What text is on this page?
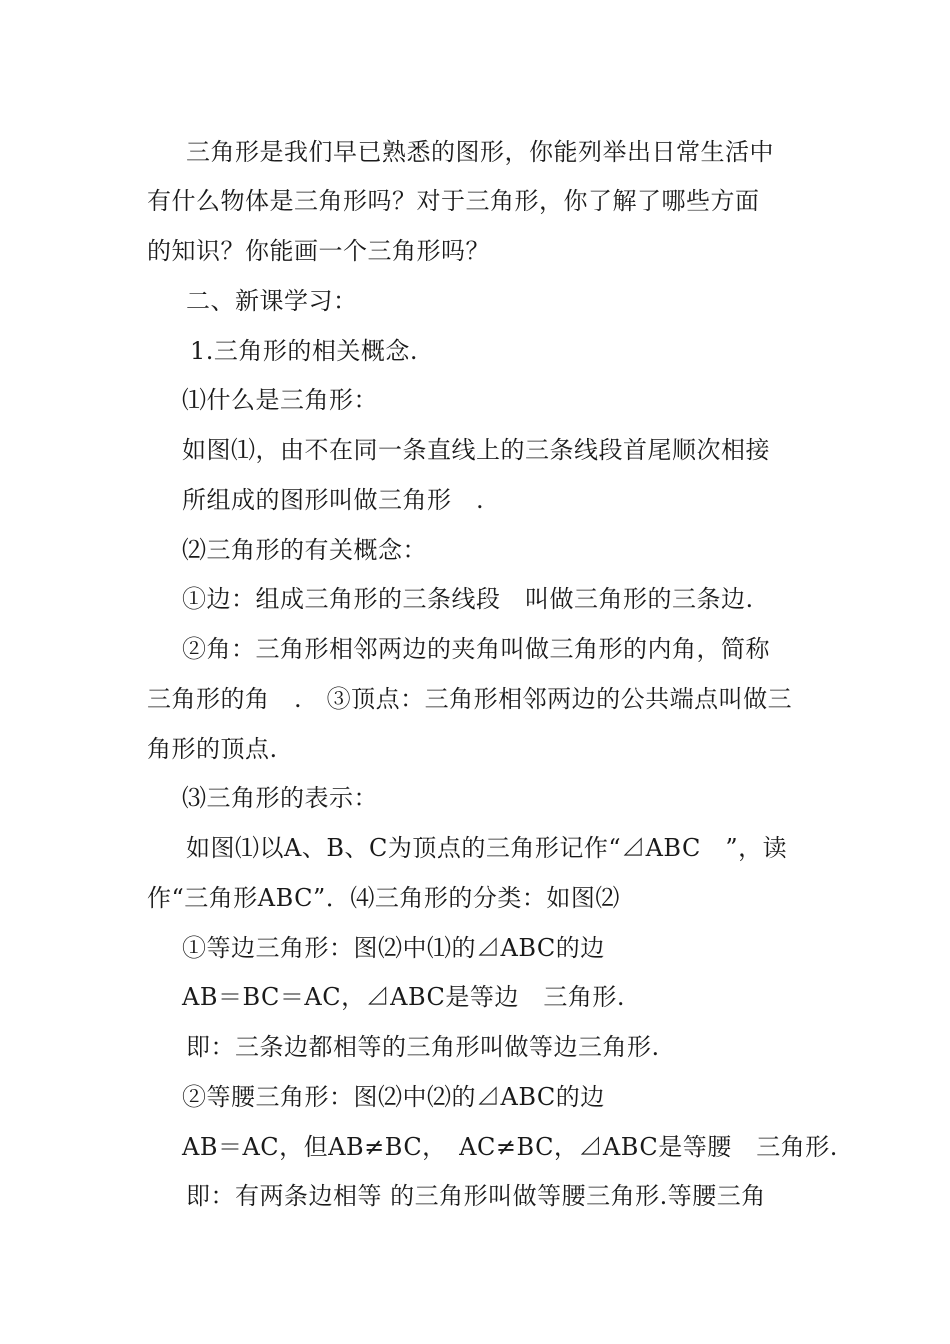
三角形是我们早已熟悉的图形，你能列举出日常生活中
有什么物体是三角形吗？对于三角形，你了解了哪些方面
的知识？你能画一个三角形吗？
二、新课学习：
1.三角形的相关概念.
⑴什么是三角形：
如图⑴，由不在同一条直线上的三条线段首尾顺次相接
所组成的图形叫做三角形　.
⑵三角形的有关概念：
①边：组成三角形的三条线段　叫做三角形的三条边.
②角：三角形相邻两边的夹角叫做三角形的内角，简称
三角形的角　.　③顶点：三角形相邻两边的公共端点叫做三
角形的顶点.
⑶三角形的表示：
如图⑴以A、B、C为顶点的三角形记作“⊿ABC　”，读
作“三角形ABC”．⑷三角形的分类：如图⑵
①等边三角形：图⑵中⑴的⊿ABC的边
AB＝BC＝AC，⊿ABC是等边　三角形.
即：三条边都相等的三角形叫做等边三角形.
②等腰三角形：图⑵中⑵的⊿ABC的边
AB＝AC，但AB≠BC，　AC≠BC，⊿ABC是等腰　三角形.
即：有两条边相等 的三角形叫做等腰三角形.等腰三角
